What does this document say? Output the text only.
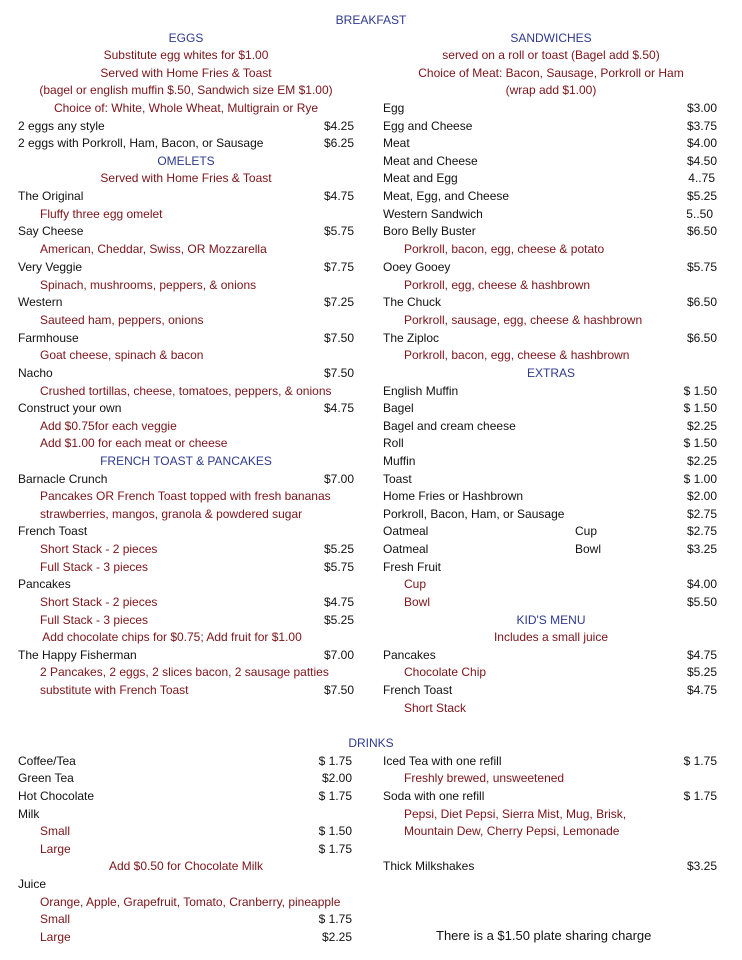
BREAKFAST
EGGS
Substitute egg whites for $1.00
Served with Home Fries & Toast
(bagel or english muffin $.50, Sandwich size EM $1.00)
Choice of: White, Whole Wheat, Multigrain or Rye
2 eggs any style	$4.25
2 eggs with Porkroll, Ham, Bacon, or Sausage	$6.25
OMELETS
Served with Home Fries & Toast
The Original	$4.75
Fluffy three egg omelet
Say Cheese	$5.75
American, Cheddar, Swiss, OR Mozzarella
Very Veggie	$7.75
Spinach, mushrooms, peppers, & onions
Western	$7.25
Sauteed ham, peppers, onions
Farmhouse	$7.50
Goat cheese, spinach & bacon
Nacho	$7.50
Crushed tortillas, cheese, tomatoes, peppers, & onions
Construct your own	$4.75
Add $0.75for each veggie
Add $1.00 for each meat or cheese
FRENCH TOAST & PANCAKES
Barnacle Crunch	$7.00
Pancakes OR French Toast topped with fresh bananas
strawberries, mangos, granola & powdered sugar
French Toast
Short Stack - 2 pieces	$5.25
Full Stack - 3 pieces	$5.75
Pancakes
Short Stack - 2 pieces	$4.75
Full Stack - 3 pieces	$5.25
Add chocolate chips for $0.75; Add fruit for $1.00
The Happy Fisherman	$7.00
2 Pancakes, 2 eggs, 2 slices bacon, 2 sausage patties
substitute with French Toast	$7.50
SANDWICHES
served on a roll or toast (Bagel add $.50)
Choice of Meat: Bacon, Sausage, Porkroll or Ham
(wrap add $1.00)
Egg	$3.00
Egg and Cheese	$3.75
Meat	$4.00
Meat and Cheese	$4.50
Meat and Egg	4..75
Meat, Egg, and Cheese	$5.25
Western Sandwich	5..50
Boro Belly Buster	$6.50
Porkroll, bacon, egg, cheese & potato
Ooey Gooey	$5.75
Porkroll, egg, cheese & hashbrown
The Chuck	$6.50
Porkroll, sausage, egg, cheese & hashbrown
The Ziploc	$6.50
Porkroll, bacon, egg, cheese & hashbrown
EXTRAS
English Muffin	$ 1.50
Bagel	$ 1.50
Bagel and cream cheese	$2.25
Roll	$ 1.50
Muffin	$2.25
Toast	$ 1.00
Home Fries or Hashbrown	$2.00
Porkroll, Bacon, Ham, or Sausage	$2.75
Oatmeal	Cup	$2.75
Oatmeal	Bowl	$3.25
Fresh Fruit
Cup	$4.00
Bowl	$5.50
KID'S MENU
Includes a small juice
Pancakes	$4.75
Chocolate Chip	$5.25
French Toast	$4.75
Short Stack
DRINKS
Coffee/Tea	$ 1.75
Green Tea	$2.00
Hot Chocolate	$ 1.75
Milk
Small	$ 1.50
Large	$ 1.75
Add $0.50 for Chocolate Milk
Juice
Orange, Apple, Grapefruit, Tomato, Cranberry, pineapple
Small	$ 1.75
Large	$2.25
Iced Tea with one refill	$ 1.75
Freshly brewed, unsweetened
Soda with one refill	$ 1.75
Pepsi, Diet Pepsi, Sierra Mist, Mug, Brisk,
Mountain Dew, Cherry Pepsi, Lemonade
Thick Milkshakes	$3.25
There is a $1.50 plate sharing charge
